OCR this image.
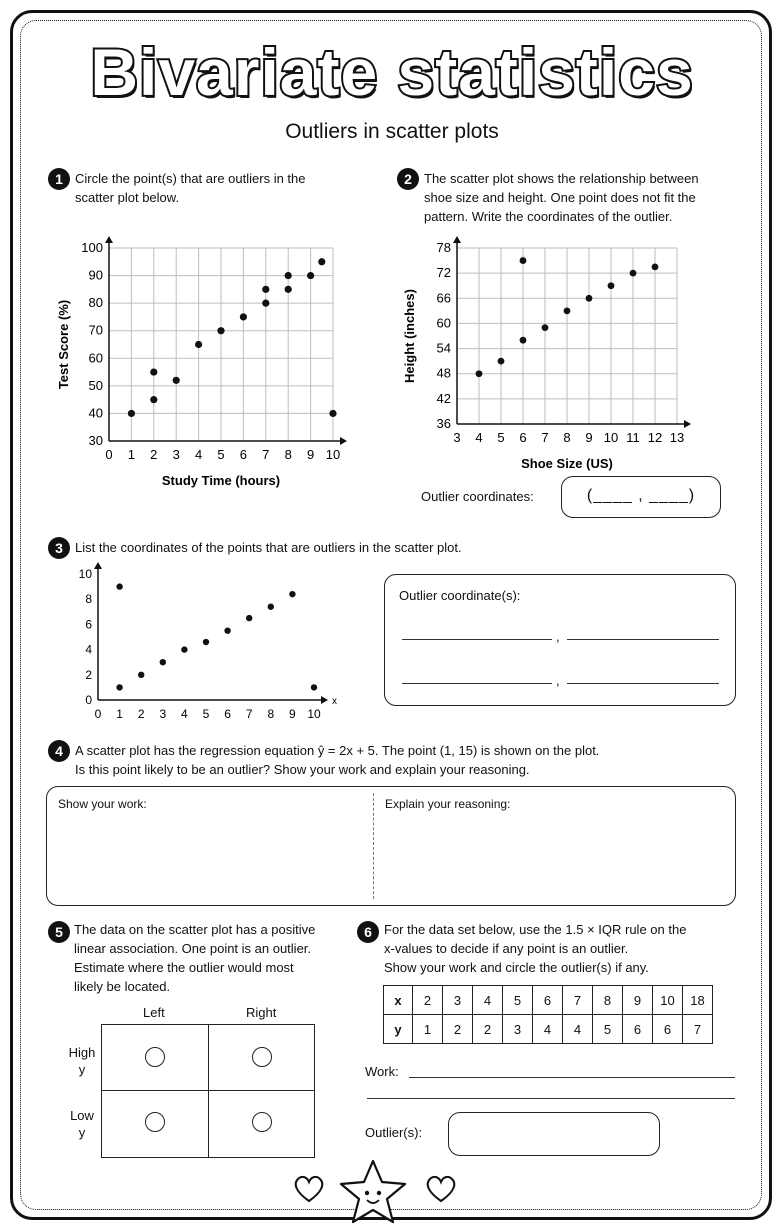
Bivariate statistics
Outliers in scatter plots
1 Circle the point(s) that are outliers in the
scatter plot below.
0 1 2 3 4 5 6 7 8 9 10
30
40
50
60
70
80
90
100
Study Time (hours)
Test Score (%)
2 The scatter plot shows the relationship between
shoe size and height. One point does not fit the
pattern. Write the coordinates of the outlier.
3 4 5 6 7 8 9 10 11 12 13
36
42
48
54
60
66
72
78
Shoe Size (US)
Height (inches)
Outlier coordinates:	(____ , ____)
3 List the coordinates of the points that are outliers in the scatter plot.
0 1 2 3 4 5 6 7 8 9 10
0
2
4
6
8
10
x
Outlier coordinate(s):
,
,
4 A scatter plot has the regression equation ŷ = 2x + 5. The point (1, 15) is shown on the plot.
Is this point likely to be an outlier? Show your work and explain your reasoning.
Show your work:	Explain your reasoning:
5 The data on the scatter plot has a positive
linear association. One point is an outlier.
Estimate where the outlier would most
likely be located.
Left	Right
High
y
Low
y
6 For the data set below, use the 1.5 × IQR rule on the
x-values to decide if any point is an outlier.
Show your work and circle the outlier(s) if any.
x	2	3	4	5	6	7	8	9	10	18
y	1	2	2	3	4	4	5	6	6	7
Work:
Outlier(s):
